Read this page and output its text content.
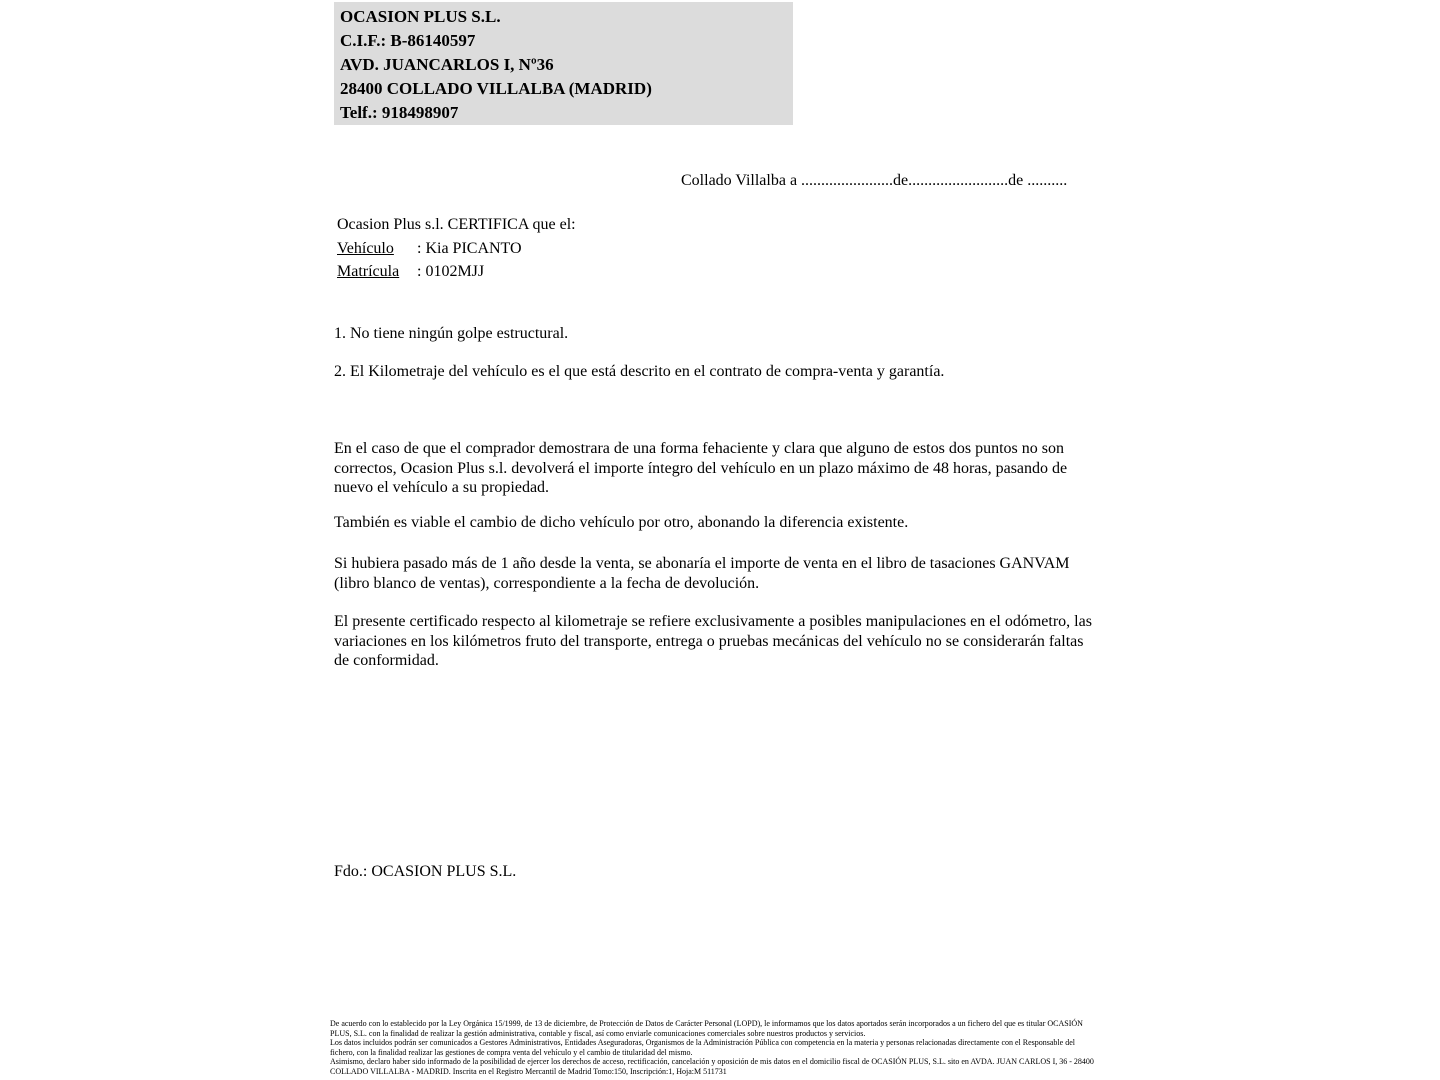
OCASION PLUS S.L.
C.I.F.: B-86140597
AVD. JUANCARLOS I, Nº36
28400 COLLADO VILLALBA (MADRID)
Telf.: 918498907
Collado Villalba a .......................de.........................de ..........
Ocasion Plus s.l. CERTIFICA que el:
Vehículo : Kia PICANTO
Matrícula : 0102MJJ
1. No tiene ningún golpe estructural.
2. El Kilometraje del vehículo es el que está descrito en el contrato de compra-venta y garantía.
En el caso de que el comprador demostrara de una forma fehaciente y clara que alguno de estos dos puntos no son correctos, Ocasion Plus s.l. devolverá el importe íntegro del vehículo en un plazo máximo de 48 horas, pasando de nuevo el vehículo a su propiedad.
También es viable el cambio de dicho vehículo por otro, abonando la diferencia existente.
Si hubiera pasado más de 1 año desde la venta, se abonaría el importe de venta en el libro de tasaciones GANVAM (libro blanco de ventas), correspondiente a la fecha de devolución.
El presente certificado respecto al kilometraje se refiere exclusivamente a posibles manipulaciones en el odómetro, las variaciones en los kilómetros fruto del transporte, entrega o pruebas mecánicas del vehículo no se considerarán faltas de conformidad.
Fdo.: OCASION PLUS S.L.

De acuerdo con lo establecido por la Ley Orgánica 15/1999, de 13 de diciembre, de Protección de Datos de Carácter Personal (LOPD), le informamos que los datos aportados serán incorporados a un fichero del que es titular OCASIÓN PLUS, S.L. con la finalidad de realizar la gestión administrativa, contable y fiscal, así como enviarle comunicaciones comerciales sobre nuestros productos y servicios.

Los datos incluidos podrán ser comunicados a Gestores Administrativos, Entidades Aseguradoras, Organismos de la Administración Pública con competencia en la materia y personas relacionadas directamente con el Responsable del fichero, con la finalidad realizar las gestiones de compra venta del vehículo y el cambio de titularidad del mismo.

Asimismo, declaro haber sido informado de la posibilidad de ejercer los derechos de acceso, rectificación, cancelación y oposición de mis datos en el domicilio fiscal de OCASIÓN PLUS, S.L. sito en AVDA. JUAN CARLOS I, 36 - 28400 COLLADO VILLALBA - MADRID. Inscrita en el Registro Mercantil de Madrid Tomo:150, Inscripción:1, Hoja:M 511731
